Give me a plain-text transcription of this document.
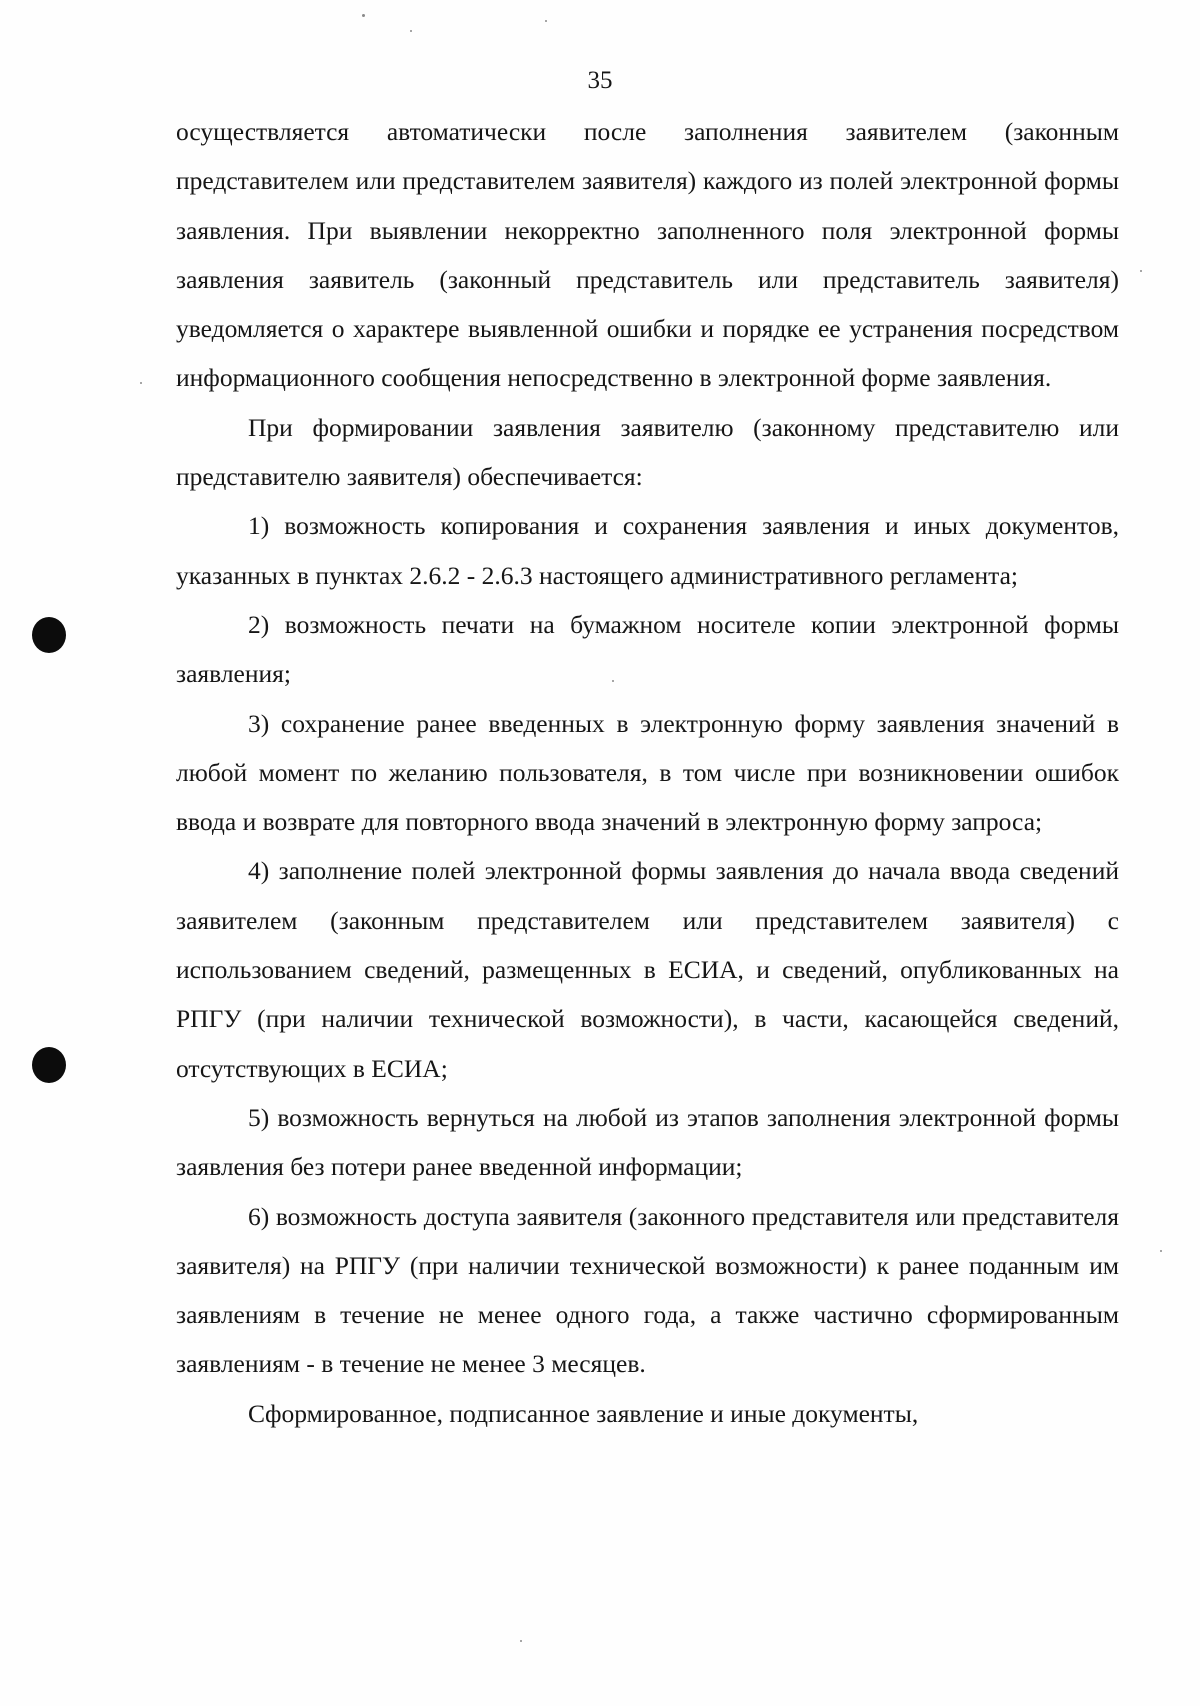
35

осуществляется автоматически после заполнения заявителем (законным представителем или представителем заявителя) каждого из полей электронной формы заявления. При выявлении некорректно заполненного поля электронной формы заявления заявитель (законный представитель или представитель заявителя) уведомляется о характере выявленной ошибки и порядке ее устранения посредством информационного сообщения непосредственно в электронной форме заявления.

При формировании заявления заявителю (законному представителю или представителю заявителя) обеспечивается:

1) возможность копирования и сохранения заявления и иных документов, указанных в пунктах 2.6.2 - 2.6.3 настоящего административного регламента;

2) возможность печати на бумажном носителе копии электронной формы заявления;

3) сохранение ранее введенных в электронную форму заявления значений в любой момент по желанию пользователя, в том числе при возникновении ошибок ввода и возврате для повторного ввода значений в электронную форму запроса;

4) заполнение полей электронной формы заявления до начала ввода сведений заявителем (законным представителем или представителем заявителя) с использованием сведений, размещенных в ЕСИА, и сведений, опубликованных на РПГУ (при наличии технической возможности), в части, касающейся сведений, отсутствующих в ЕСИА;

5) возможность вернуться на любой из этапов заполнения электронной формы заявления без потери ранее введенной информации;

6) возможность доступа заявителя (законного представителя или представителя заявителя) на РПГУ (при наличии технической возможности) к ранее поданным им заявлениям в течение не менее одного года, а также частично сформированным заявлениям - в течение не менее 3 месяцев.

Сформированное, подписанное заявление и иные документы,
